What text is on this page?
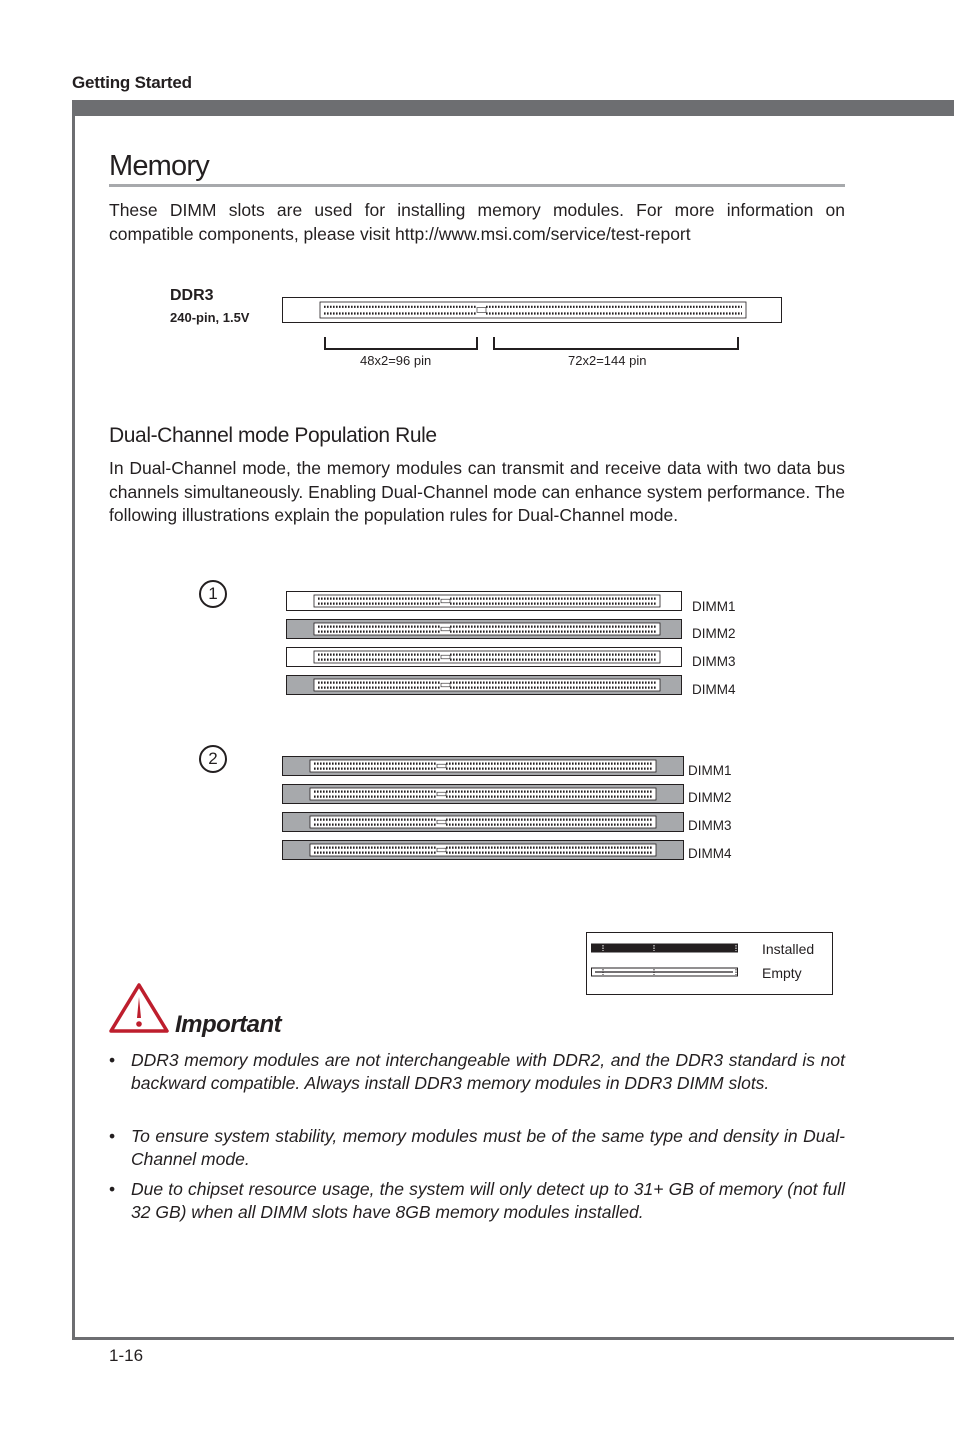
Getting Started
Memory
These DIMM slots are used for installing memory modules. For more information on compatible components, please visit http://www.msi.com/service/test-report
DDR3
240-pin, 1.5V
48x2=96 pin	72x2=144 pin
Dual-Channel mode Population Rule
In Dual-Channel mode, the memory modules can transmit and receive data with two data bus channels simultaneously. Enabling Dual-Channel mode can enhance system performance. The following illustrations explain the population rules for Dual-Channel mode.
1
DIMM1
DIMM2
DIMM3
DIMM4
2
DIMM1
DIMM2
DIMM3
DIMM4
Installed
Empty
Important
• DDR3 memory modules are not interchangeable with DDR2, and the DDR3 standard is not backward compatible. Always install DDR3 memory modules in DDR3 DIMM slots.
• To ensure system stability, memory modules must be of the same type and density in Dual-Channel mode.
• Due to chipset resource usage, the system will only detect up to 31+ GB of memory (not full 32 GB) when all DIMM slots have 8GB memory modules installed.
1-16
